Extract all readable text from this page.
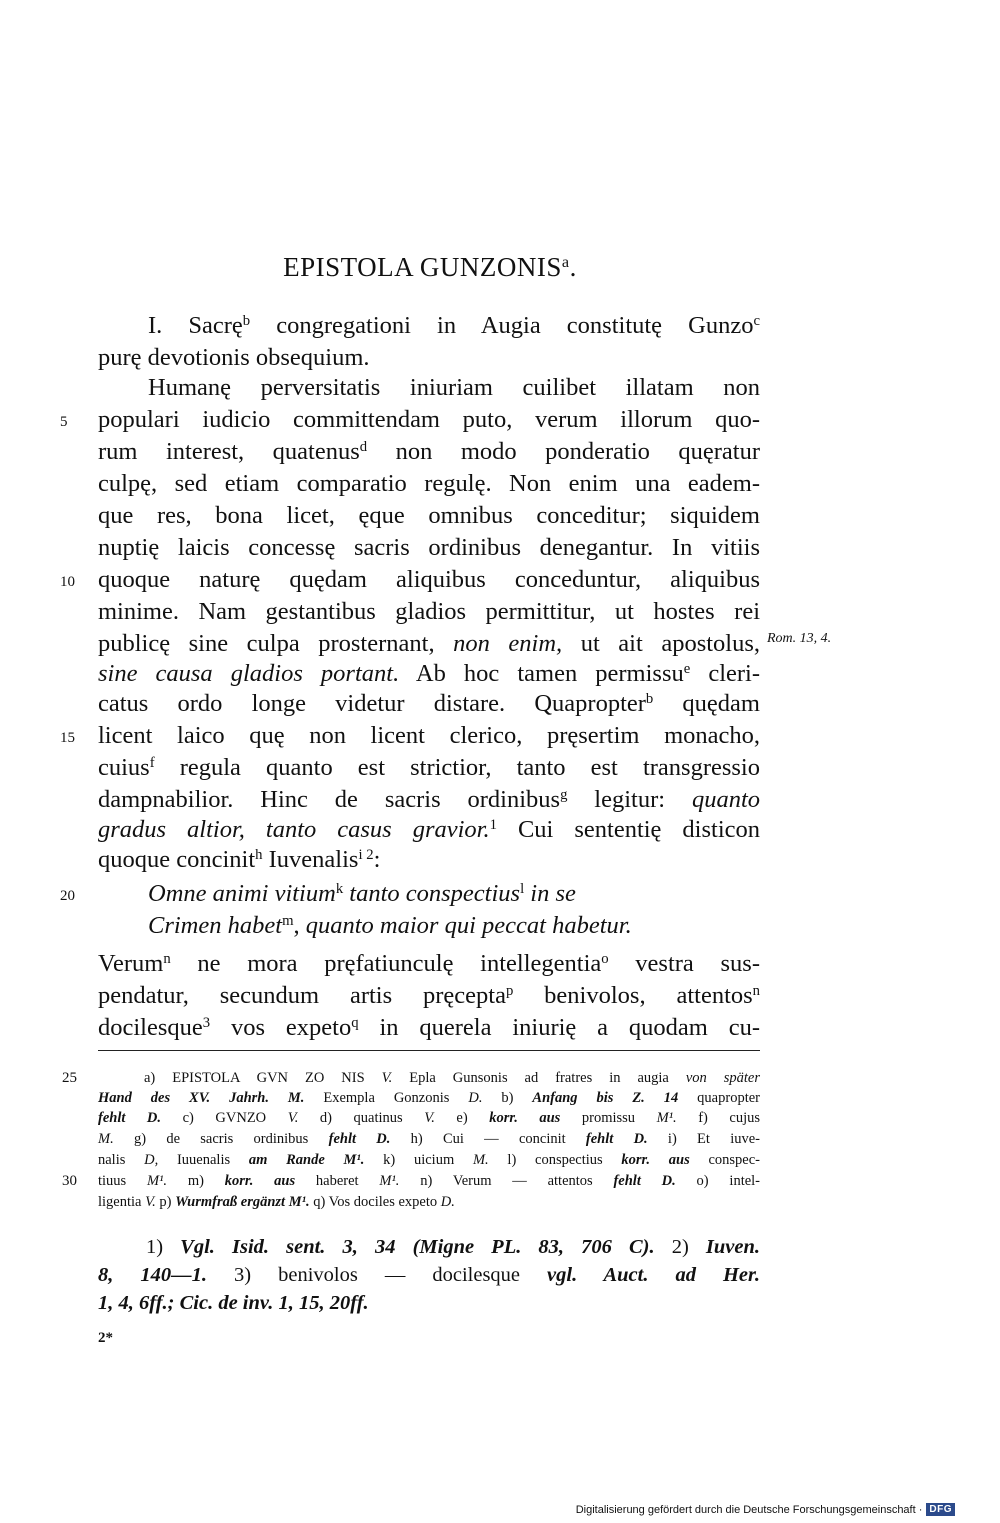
EPISTOLA GUNZONIS$^a$.
I. Sacrę$^b$ congregationi in Augia constitutę Gunzo$^c$
purę devotionis obsequium.
Humanę perversitatis iniuriam cuilibet illatam non
populari iudicio committendam puto, verum illorum quo-
rum interest, quatenus$^d$ non modo ponderatio quęratur
culpę, sed etiam comparatio regulę. Non enim una eadem-
que res, bona licet, ęque omnibus conceditur; siquidem
nuptię laicis concessę sacris ordinibus denegantur. In vitiis
quoque naturę quędam aliquibus conceduntur, aliquibus
minime. Nam gestantibus gladios permittitur, ut hostes rei
publicę sine culpa prosternant, non enim, ut ait apostolus,
sine causa gladios portant. Ab hoc tamen permissu$^e$ cleri-
catus ordo longe videtur distare. Quapropter$^b$ quędam
licent laico quę non licent clerico, pręsertim monacho,
cuius$^f$ regula quanto est strictior, tanto est transgressio
dampnabilior. Hinc de sacris ordinibus$^g$ legitur: quanto
gradus altior, tanto casus gravior.$^1$ Cui sententię disticon
quoque concinit$^h$ Iuvenalis$^{i 2}$:
Omne animi vitium$^k$ tanto conspectius$^l$ in se
Crimen habet$^m$, quanto maior qui peccat habetur.
Verum$^n$ ne mora pręfatiunculę intellegentia$^o$ vestra sus-
pendatur, secundum artis pręcepta$^p$ benivolos, attentos$^n$
docilesque$^3$ vos expeto$^q$ in querela iniurię a quodam cu-
5
10
15
20
Rom. 13, 4.
a) EPISTOLA GVN ZO NIS V. Epla Gunsonis ad fratres in augia von später
Hand des XV. Jahrh. M. Exempla Gonzonis D. b) Anfang bis Z. 14 quapropter
fehlt D. c) GVNZO V. d) quatinus V. e) korr. aus promissu M¹. f) cujus
M. g) de sacris ordinibus fehlt D. h) Cui — concinit fehlt D. i) Et iuve-
nalis D, Iuuenalis am Rande M¹. k) uicium M. l) conspectius korr. aus conspec-
tiuus M¹. m) korr. aus haberet M¹. n) Verum — attentos fehlt D. o) intel-
ligentia V. p) Wurmfraß ergänzt M¹. q) Vos dociles expeto D.
25
30
1) Vgl. Isid. sent. 3, 34 (Migne PL. 83, 706 C). 2) Iuven.
8, 140—1. 3) benivolos — docilesque vgl. Auct. ad Her.
1, 4, 6ff.; Cic. de inv. 1, 15, 20ff.
2*
Digitalisierung gefördert durch die Deutsche Forschungsgemeinschaft · DFG
